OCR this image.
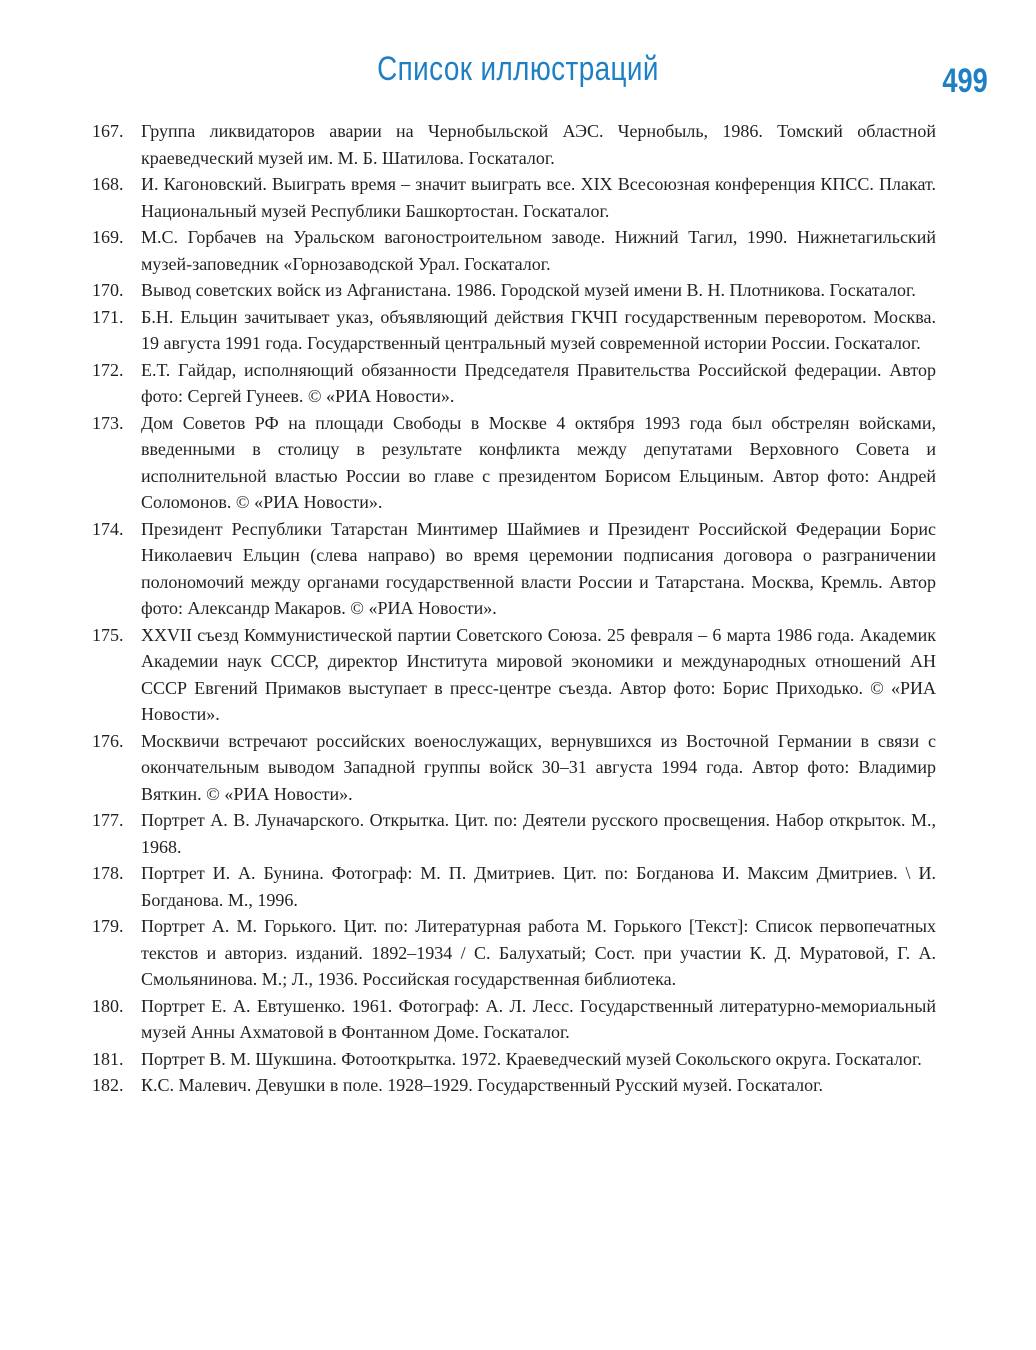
Список иллюстраций	499
167. Группа ликвидаторов аварии на Чернобыльской АЭС. Чернобыль, 1986. Томский областной краеведческий музей им. М. Б. Шатилова. Госкаталог.
168. И. Кагоновский. Выиграть время – значит выиграть все. XIX Всесоюзная конференция КПСС. Плакат. Национальный музей Республики Башкортостан. Госкаталог.
169. М.С. Горбачев на Уральском вагоностроительном заводе. Нижний Тагил, 1990. Нижнетагильский музей-заповедник «Горнозаводской Урал. Госкаталог.
170. Вывод советских войск из Афганистана. 1986. Городской музей имени В. Н. Плотникова. Госкаталог.
171. Б.Н. Ельцин зачитывает указ, объявляющий действия ГКЧП государственным переворотом. Москва. 19 августа 1991 года. Государственный центральный музей современной истории России. Госкаталог.
172. Е.Т. Гайдар, исполняющий обязанности Председателя Правительства Российской федерации. Автор фото: Сергей Гунеев. © «РИА Новости».
173. Дом Советов РФ на площади Свободы в Москве 4 октября 1993 года был обстрелян войсками, введенными в столицу в результате конфликта между депутатами Верховного Совета и исполнительной властью России во главе с президентом Борисом Ельциным. Автор фото: Андрей Соломонов. © «РИА Новости».
174. Президент Республики Татарстан Минтимер Шаймиев и Президент Российской Федерации Борис Николаевич Ельцин (слева направо) во время церемонии подписания договора о разграничении полономочий между органами государственной власти России и Татарстана. Москва, Кремль. Автор фото: Александр Макаров. © «РИА Новости».
175. XXVII съезд Коммунистической партии Советского Союза. 25 февраля – 6 марта 1986 года. Академик Академии наук СССР, директор Института мировой экономики и международных отношений АН СССР Евгений Примаков выступает в пресс-центре съезда. Автор фото: Борис Приходько. © «РИА Новости».
176. Москвичи встречают российских военослужащих, вернувшихся из Восточной Германии в связи с окончательным выводом Западной группы войск 30–31 августа 1994 года. Автор фото: Владимир Вяткин. © «РИА Новости».
177. Портрет А. В. Луначарского. Открытка. Цит. по: Деятели русского просвещения. Набор открыток. М., 1968.
178. Портрет И. А. Бунина. Фотограф: М. П. Дмитриев. Цит. по: Богданова И. Максим Дмитриев. \ И. Богданова. М., 1996.
179. Портрет А. М. Горького. Цит. по: Литературная работа М. Горького [Текст]: Список первопечатных текстов и авториз. изданий. 1892–1934 / С. Балухатый; Сост. при участии К. Д. Муратовой, Г. А. Смольянинова. М.; Л., 1936. Российская государственная библиотека.
180. Портрет Е. А. Евтушенко. 1961. Фотограф: А. Л. Лесс. Государственный литературно-мемориальный музей Анны Ахматовой в Фонтанном Доме. Госкаталог.
181. Портрет В. М. Шукшина. Фотооткрытка. 1972. Краеведческий музей Сокольского округа. Госкаталог.
182. К.С. Малевич. Девушки в поле. 1928–1929. Государственный Русский музей. Госкаталог.
